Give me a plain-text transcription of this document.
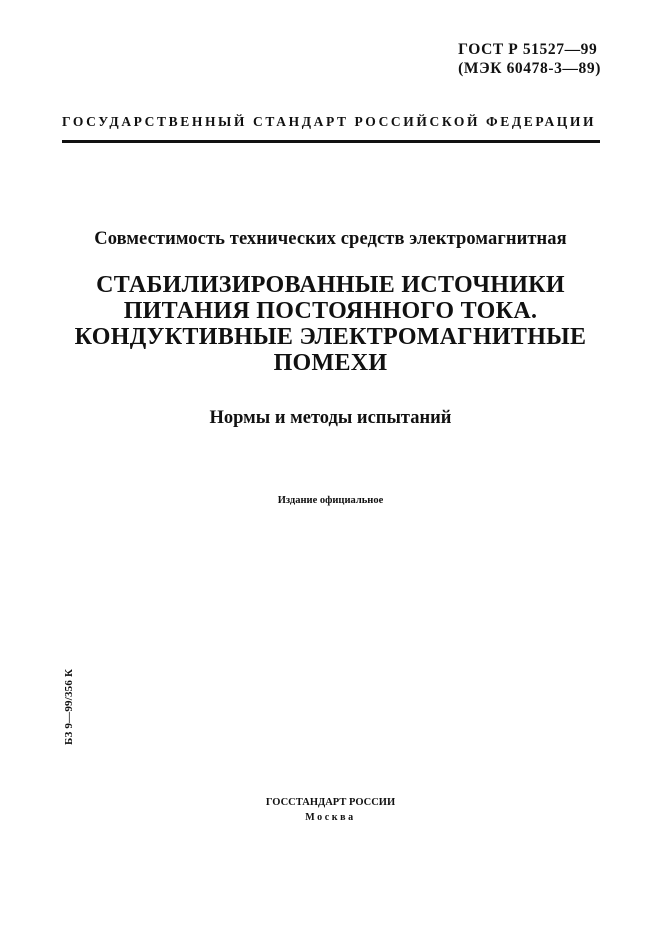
ГОСТ Р 51527—99
(МЭК 60478-3—89)
ГОСУДАРСТВЕННЫЙ СТАНДАРТ РОССИЙСКОЙ ФЕДЕРАЦИИ
Совместимость технических средств электромагнитная
СТАБИЛИЗИРОВАННЫЕ ИСТОЧНИКИ
ПИТАНИЯ ПОСТОЯННОГО ТОКА.
КОНДУКТИВНЫЕ ЭЛЕКТРОМАГНИТНЫЕ
ПОМЕХИ
Нормы и методы испытаний
Издание официальное
БЗ 9—99/356 К
ГОССТАНДАРТ РОССИИ
Москва
